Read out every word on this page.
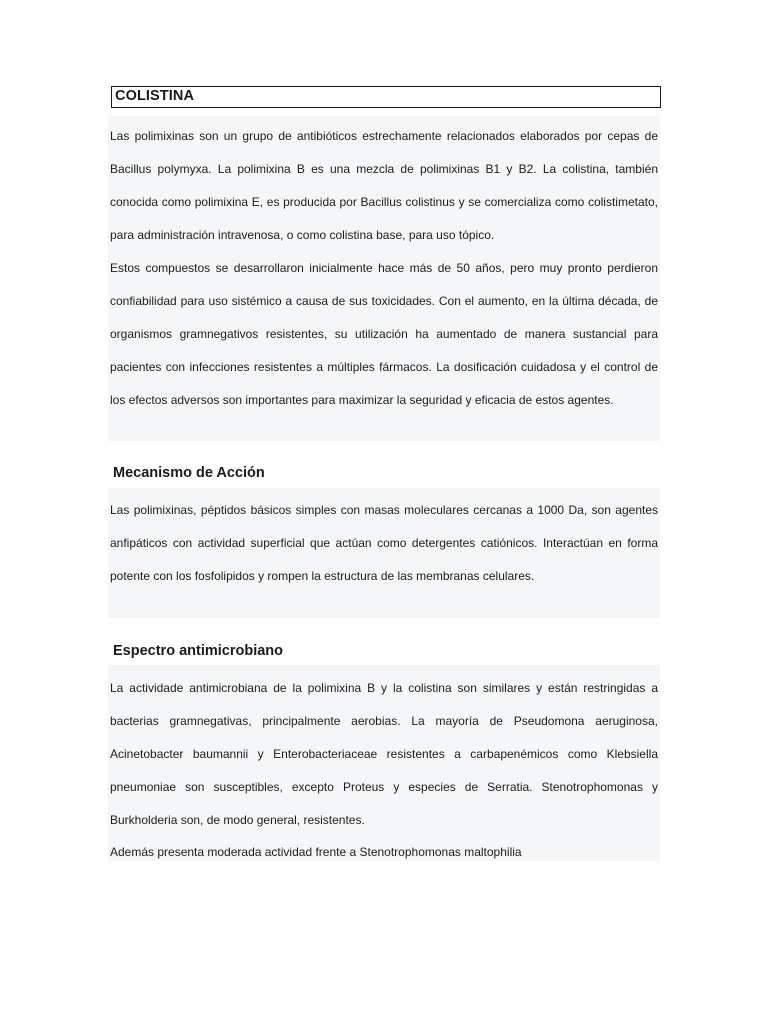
COLISTINA

Las polimixinas son un grupo de antibióticos estrechamente relacionados elaborados por cepas de Bacillus polymyxa. La polimixina B es una mezcla de polimixinas B1 y B2. La colistina, también conocida como polimixina E, es producida por Bacillus colistinus y se comercializa como colistimetato, para administración intravenosa, o como colistina base, para uso tópico.

Estos compuestos se desarrollaron inicialmente hace más de 50 años, pero muy pronto perdieron confiabilidad para uso sistémico a causa de sus toxicidades. Con el aumento, en la última década, de organismos gramnegativos resistentes, su utilización ha aumentado de manera sustancial para pacientes con infecciones resistentes a múltiples fármacos. La dosificación cuidadosa y el control de los efectos adversos son importantes para maximizar la seguridad y eficacia de estos agentes.

Mecanismo de Acción

Las polimixinas, péptidos básicos simples con masas moleculares cercanas a 1000 Da, son agentes anfipáticos con actividad superficial que actúan como detergentes catiónicos. Interactúan en forma potente con los fosfolipidos y rompen la estructura de las membranas celulares.

Espectro antimicrobiano

La actividade antimicrobiana de la polimixina B y la colistina son similares y están restringidas a bacterias gramnegativas, principalmente aerobias. La mayoría de Pseudomona aeruginosa, Acinetobacter baumannii y Enterobacteriaceae resistentes a carbapenémicos como Klebsiella pneumoniae son susceptibles, excepto Proteus y especies de Serratia. Stenotrophomonas y Burkholderia son, de modo general, resistentes.

Además presenta moderada actividad frente a Stenotrophomonas maltophilia
